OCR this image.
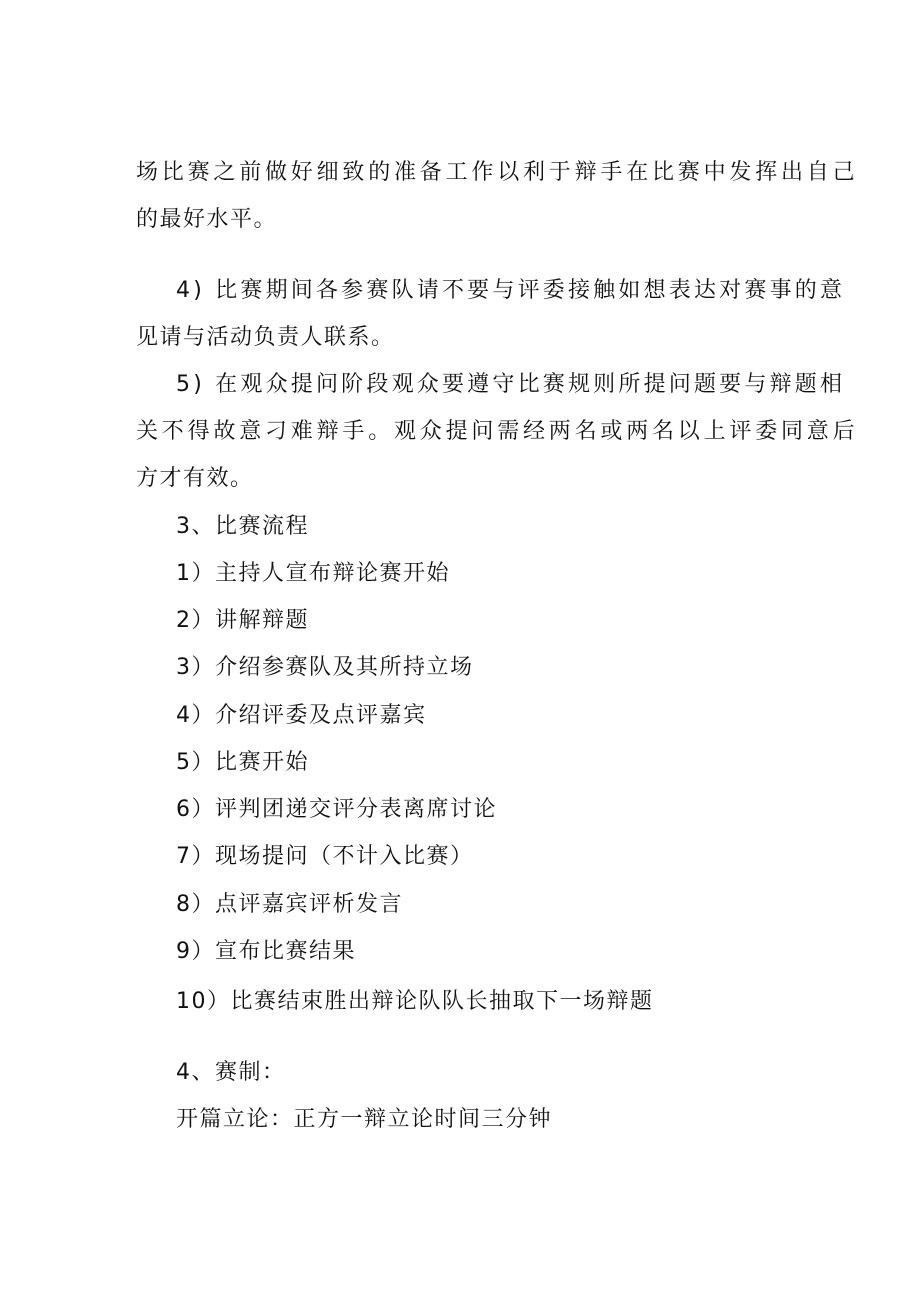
场比赛之前做好细致的准备工作以利于辩手在比赛中发挥出自己
的最好水平。
4) 比赛期间各参赛队请不要与评委接触如想表达对赛事的意
见请与活动负责人联系。
5) 在观众提问阶段观众要遵守比赛规则所提问题要与辩题相
关不得故意刁难辩手。观众提问需经两名或两名以上评委同意后
方才有效。
3、比赛流程
1）主持人宣布辩论赛开始
2）讲解辩题
3）介绍参赛队及其所持立场
4）介绍评委及点评嘉宾
5）比赛开始
6）评判团递交评分表离席讨论
7）现场提问（不计入比赛）
8）点评嘉宾评析发言
9）宣布比赛结果
10）比赛结束胜出辩论队队长抽取下一场辩题
4、赛制：
开篇立论：正方一辩立论时间三分钟
